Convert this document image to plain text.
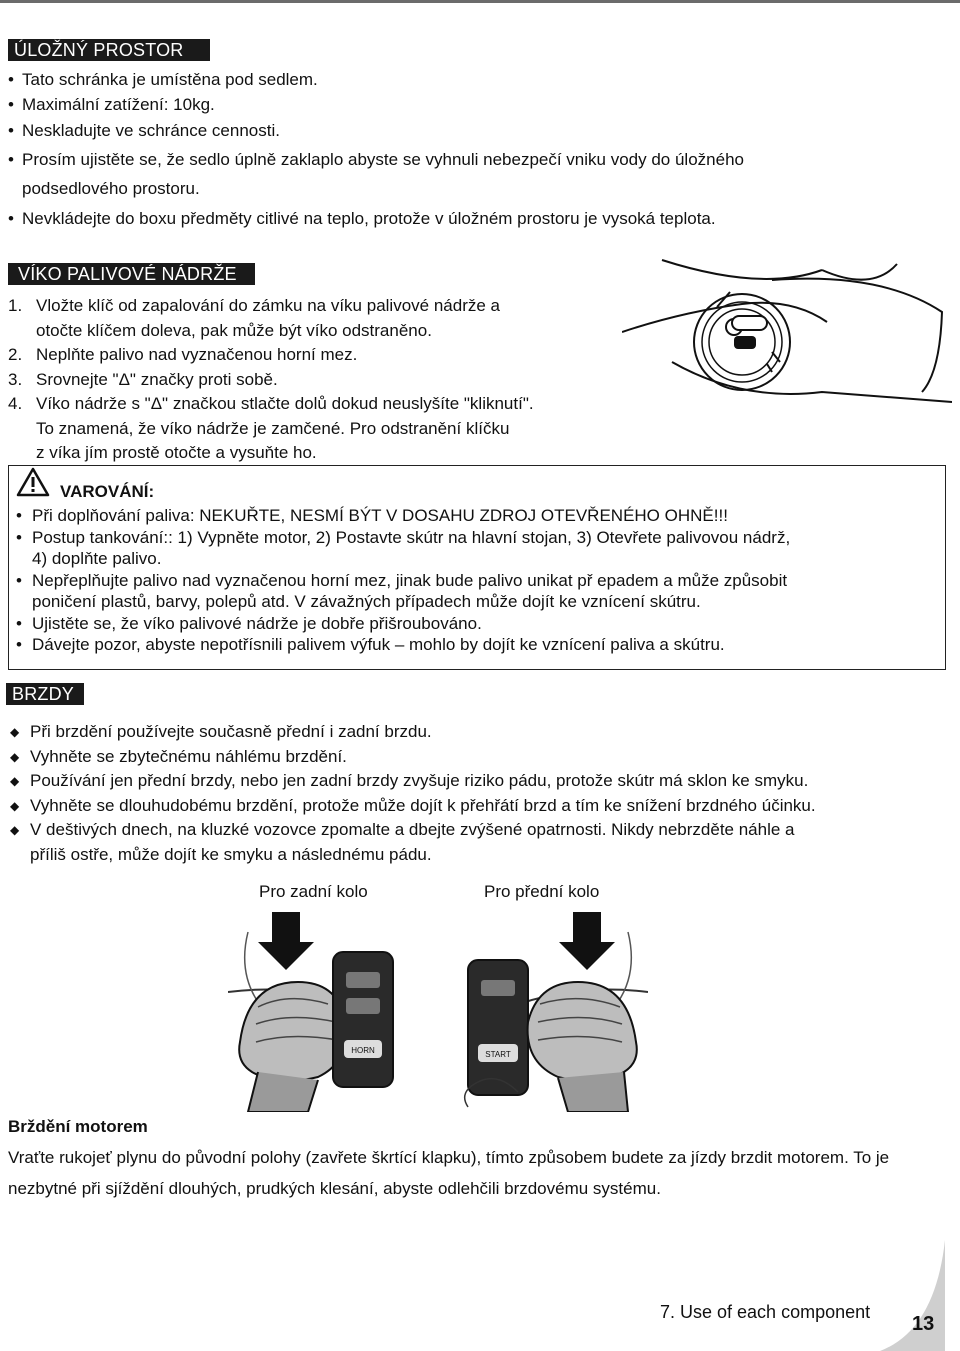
ÚLOŽNÝ PROSTOR
• Tato schránka je umístěna pod sedlem.
• Maximální zatížení: 10kg.
• Neskladujte ve schránce cennosti.
• Prosím ujistěte se, že sedlo úplně zaklaplo abyste se vyhnuli nebezpečí vniku vody do úložného
podsedlového prostoru.
• Nevkládejte do boxu předměty citlivé na teplo, protože v úložném prostoru je vysoká teplota.
VÍKO PALIVOVÉ NÁDRŽE
1. Vložte klíč od zapalování do zámku na víku palivové nádrže a
otočte klíčem doleva, pak může být víko odstraněno.
2. Neplňte palivo nad vyznačenou horní mez.
3. Srovnejte "Δ" značky proti sobě.
4. Víko nádrže s "Δ" značkou stlačte dolů dokud neuslyšíte "kliknutí".
To znamená, že víko nádrže je zamčené. Pro odstranění klíčku
z víka jím prostě otočte a vysuňte ho.
VAROVÁNÍ:
• Při doplňování paliva: NEKUŘTE, NESMÍ BÝT V DOSAHU ZDROJ OTEVŘENÉHO OHNĚ!!!
• Postup tankování:: 1) Vypněte motor, 2) Postavte skútr na hlavní stojan, 3) Otevřete palivovou nádrž,
4) doplňte palivo.
• Nepřeplňujte palivo nad vyznačenou horní mez, jinak bude palivo unikat př epadem a může způsobit
poničení plastů, barvy, polepů atd. V závažných případech může dojít ke vznícení skútru.
• Ujistěte se, že víko palivové nádrže je dobře přišroubováno.
• Dávejte pozor, abyste nepotřísnili palivem výfuk – mohlo by dojít ke vznícení paliva a skútru.
BRZDY
◆ Při brzdění používejte současně přední i zadní brzdu.
◆ Vyhněte se zbytečnému náhlému brzdění.
◆ Používání jen přední brzdy, nebo jen zadní brzdy zvyšuje riziko pádu, protože skútr má sklon ke smyku.
◆ Vyhněte se dlouhudobému brzdění, protože může dojít k přehřátí brzd a tím ke snížení brzdného účinku.
◆ V deštivých dnech, na kluzké vozovce zpomalte a dbejte zvýšené opatrnosti. Nikdy nebrzděte náhle a
příliš ostře, může dojít ke smyku a následnému pádu.
Pro zadní kolo	Pro přední kolo
HORN	START
Brždění motorem
Vraťte rukojeť plynu do původní polohy (zavřete škrtící klapku), tímto způsobem budete za jízdy brzdit motorem. To je nezbytné při sjíždění dlouhých, prudkých klesání, abyste odlehčili brzdovému systému.
7. Use of each component
13
